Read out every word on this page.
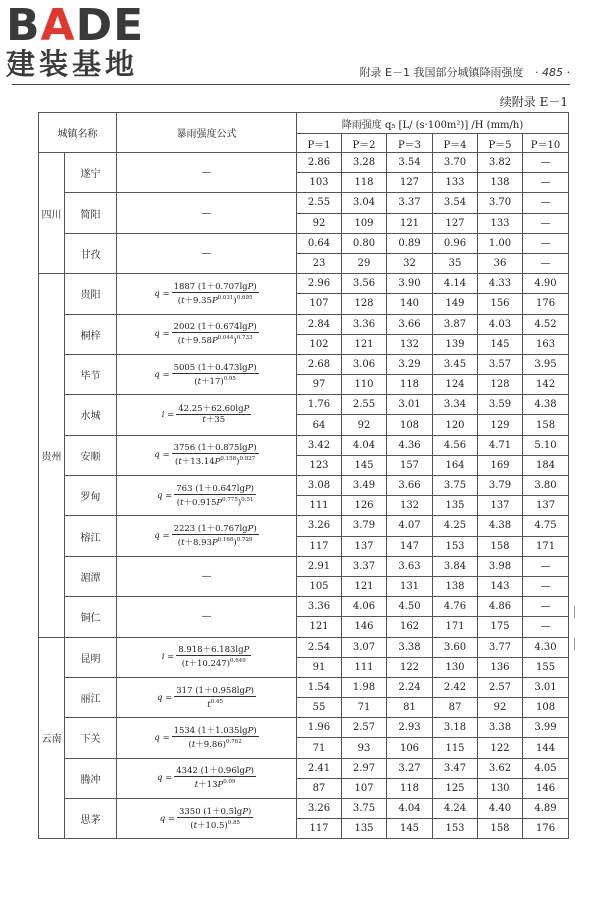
BADE
建装基地	附录 E－1 我国部分城镇降雨强度 · 485 ·
续附录 E－1
城镇名称		暴雨强度公式	降雨强度 q₅ [L/ (s·100m²)] /H (mm/h)					
			P＝1	P＝2	P＝3	P＝4	P＝5	P＝10
四川	遂宁	—	2.86	3.28	3.54	3.70	3.82	—
			103	118	127	133	138	—
	简阳	—	2.55	3.04	3.37	3.54	3.70	—
			92	109	121	127	133	—
	甘孜	—	0.64	0.80	0.89	0.96	1.00	—
			23	29	32	35	36	—
贵州	贵阳	$q = \frac{1887 (1+0.707\lg P)}{(t+9.35P^{0.031})^{0.695}}$	2.96	3.56	3.90	4.14	4.33	4.90
			107	128	140	149	156	176
	桐梓	$q = \frac{2002 (1+0.674\lg P)}{(t+9.58P^{0.044})^{0.733}}$	2.84	3.36	3.66	3.87	4.03	4.52
			102	121	132	139	145	163
	毕节	$q = \frac{5005 (1+0.473\lg P)}{(t+17)^{0.95}}$	2.68	3.06	3.29	3.45	3.57	3.95
			97	110	118	124	128	142
	水城	$i = \frac{42.25+62.60\lg P}{t+35}$	1.76	2.55	3.01	3.34	3.59	4.38
			64	92	108	120	129	158
	安顺	$q = \frac{3756 (1+0.875\lg P)}{(t+13.14P^{0.158})^{0.827}}$	3.42	4.04	4.36	4.56	4.71	5.10
			123	145	157	164	169	184
	罗甸	$q = \frac{763 (1+0.647\lg P)}{(t+0.915P^{0.775})^{0.51}}$	3.08	3.49	3.66	3.75	3.79	3.80
			111	126	132	135	137	137
	榕江	$q = \frac{2223 (1+0.767\lg P)}{(t+8.93P^{0.168})^{0.729}}$	3.26	3.79	4.07	4.25	4.38	4.75
			117	137	147	153	158	171
	湄潭	—	2.91	3.37	3.63	3.84	3.98	—
			105	121	131	138	143	—
	铜仁	—	3.36	4.06	4.50	4.76	4.86	—
			121	146	162	171	175	—
云南	昆明	$i = \frac{8.918+6.183\lg P}{(t+10.247)^{0.649}}$	2.54	3.07	3.38	3.60	3.77	4.30
			91	111	122	130	136	155
	丽江	$q = \frac{317 (1+0.958\lg P)}{t^{0.45}}$	1.54	1.98	2.24	2.42	2.57	3.01
			55	71	81	87	92	108
	下关	$q = \frac{1534 (1+1.035\lg P)}{(t+9.86)^{0.762}}$	1.96	2.57	2.93	3.18	3.38	3.99
			71	93	106	115	122	144
	腾冲	$q = \frac{4342 (1+0.96\lg P)}{t+13P^{0.09}}$	2.41	2.97	3.27	3.47	3.62	4.05
			87	107	118	125	130	146
	思茅	$q = \frac{3350 (1+0.5\lg P)}{(t+10.5)^{0.85}}$	3.26	3.75	4.04	4.24	4.40	4.89
			117	135	145	153	158	176
